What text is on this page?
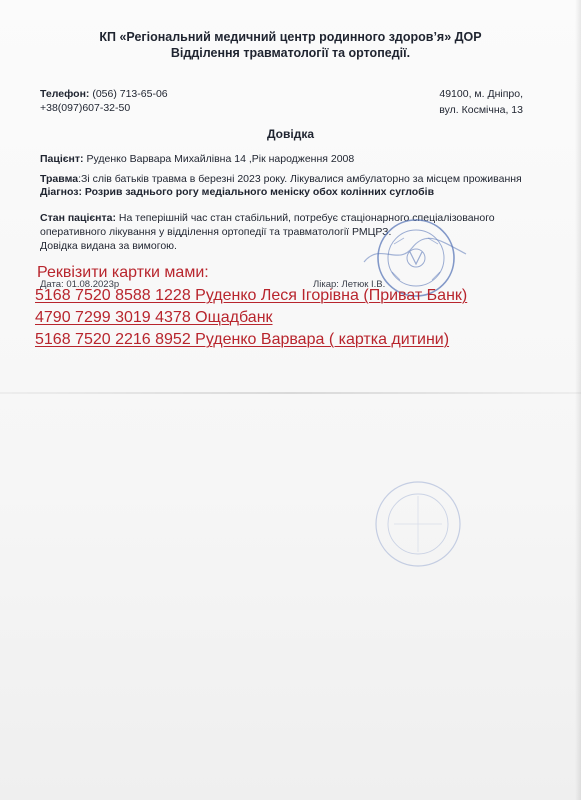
КП «Регіональний медичний центр родинного здоров’я» ДОР
Відділення травматології та ортопедії.
Телефон: (056) 713-65-06
+38(097)607-32-50
49100, м. Дніпро,
вул. Космічна, 13
Довідка
Пацієнт: Руденко Варвара Михайлівна 14 ,Рік народження 2008
Травма:Зі слів батьків травма в березні 2023 року. Лікувалися амбулаторно за місцем проживання
Діагноз: Розрив заднього рогу медіального меніску обох колінних суглобів
Стан пацієнта: На теперішній час стан стабільний, потребує стаціонарного спеціалізованого
оперативного лікування у відділення ортопедії та травматології РМЦРЗ.
Довідка видана за вимогою.
Дата: 01.08.2023р	Лікар: Летюк І.В.
Реквізити картки мами:
5168 7520 8588 1228 Руденко Леся Ігорівна (Приват Банк)
4790 7299 3019 4378 Ощадбанк
5168 7520 2216 8952 Руденко Варвара ( картка дитини)
